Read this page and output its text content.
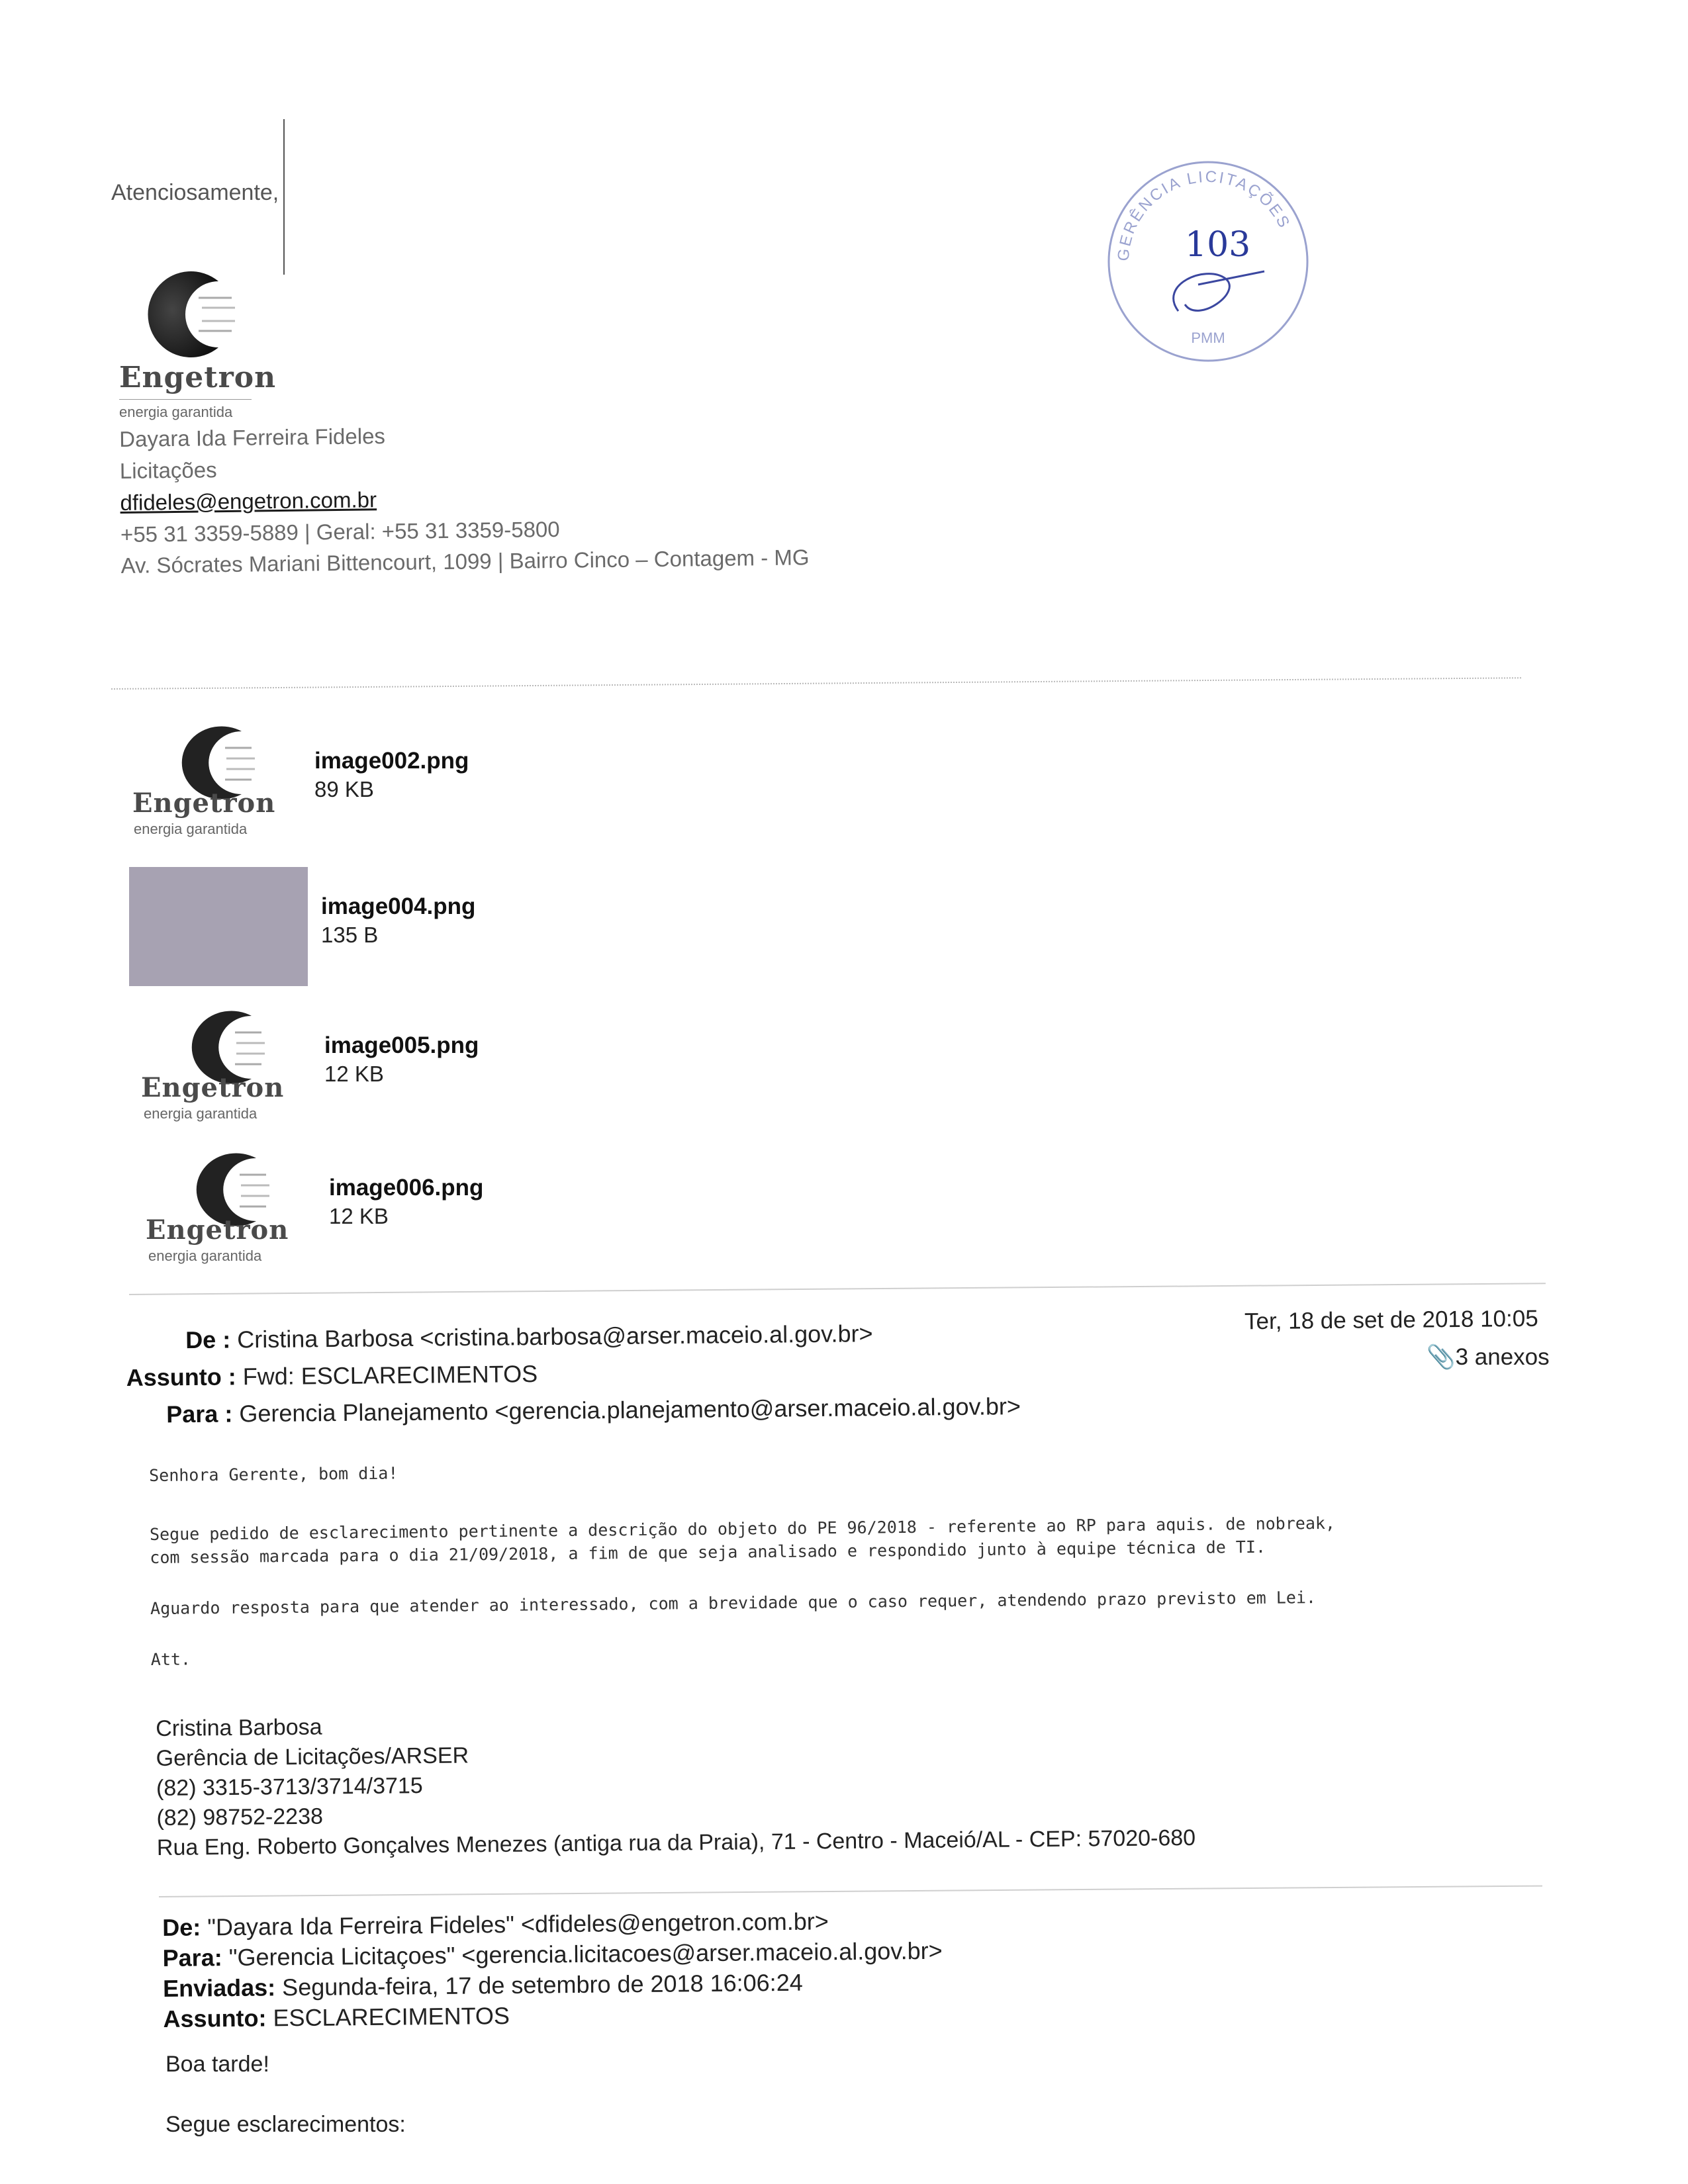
Atenciosamente,
GERÊNCIA LICITAÇÕES
PMM
103
Engetron
energia garantida
Dayara Ida Ferreira Fideles
Licitações
dfideles@engetron.com.br
+55 31 3359-5889 | Geral: +55 31 3359-5800
Av. Sócrates Mariani Bittencourt, 1099 | Bairro Cinco – Contagem - MG
Engetron
energia garantida
image002.png
89 KB
image004.png
135 B
Engetron
energia garantida
image005.png
12 KB
Engetron
energia garantida
image006.png
12 KB
Ter, 18 de set de 2018 10:05
📎3 anexos
De : Cristina Barbosa <cristina.barbosa@arser.maceio.al.gov.br>
Assunto : Fwd: ESCLARECIMENTOS
Para : Gerencia Planejamento <gerencia.planejamento@arser.maceio.al.gov.br>
Senhora Gerente, bom dia!
Segue pedido de esclarecimento pertinente a descrição do objeto do PE 96/2018 - referente ao RP para aquis. de nobreak,
com sessão marcada para o dia 21/09/2018, a fim de que seja analisado e respondido junto à equipe técnica de TI.
Aguardo resposta para que atender ao interessado, com a brevidade que o caso requer, atendendo prazo previsto em Lei.
Att.
Cristina Barbosa
Gerência de Licitações/ARSER
(82) 3315-3713/3714/3715
(82) 98752-2238
Rua Eng. Roberto Gonçalves Menezes (antiga rua da Praia), 71 - Centro - Maceió/AL - CEP: 57020-680
De: "Dayara Ida Ferreira Fideles" <dfideles@engetron.com.br>
Para: "Gerencia Licitaçoes" <gerencia.licitacoes@arser.maceio.al.gov.br>
Enviadas: Segunda-feira, 17 de setembro de 2018 16:06:24
Assunto: ESCLARECIMENTOS
Boa tarde!
Segue esclarecimentos:
